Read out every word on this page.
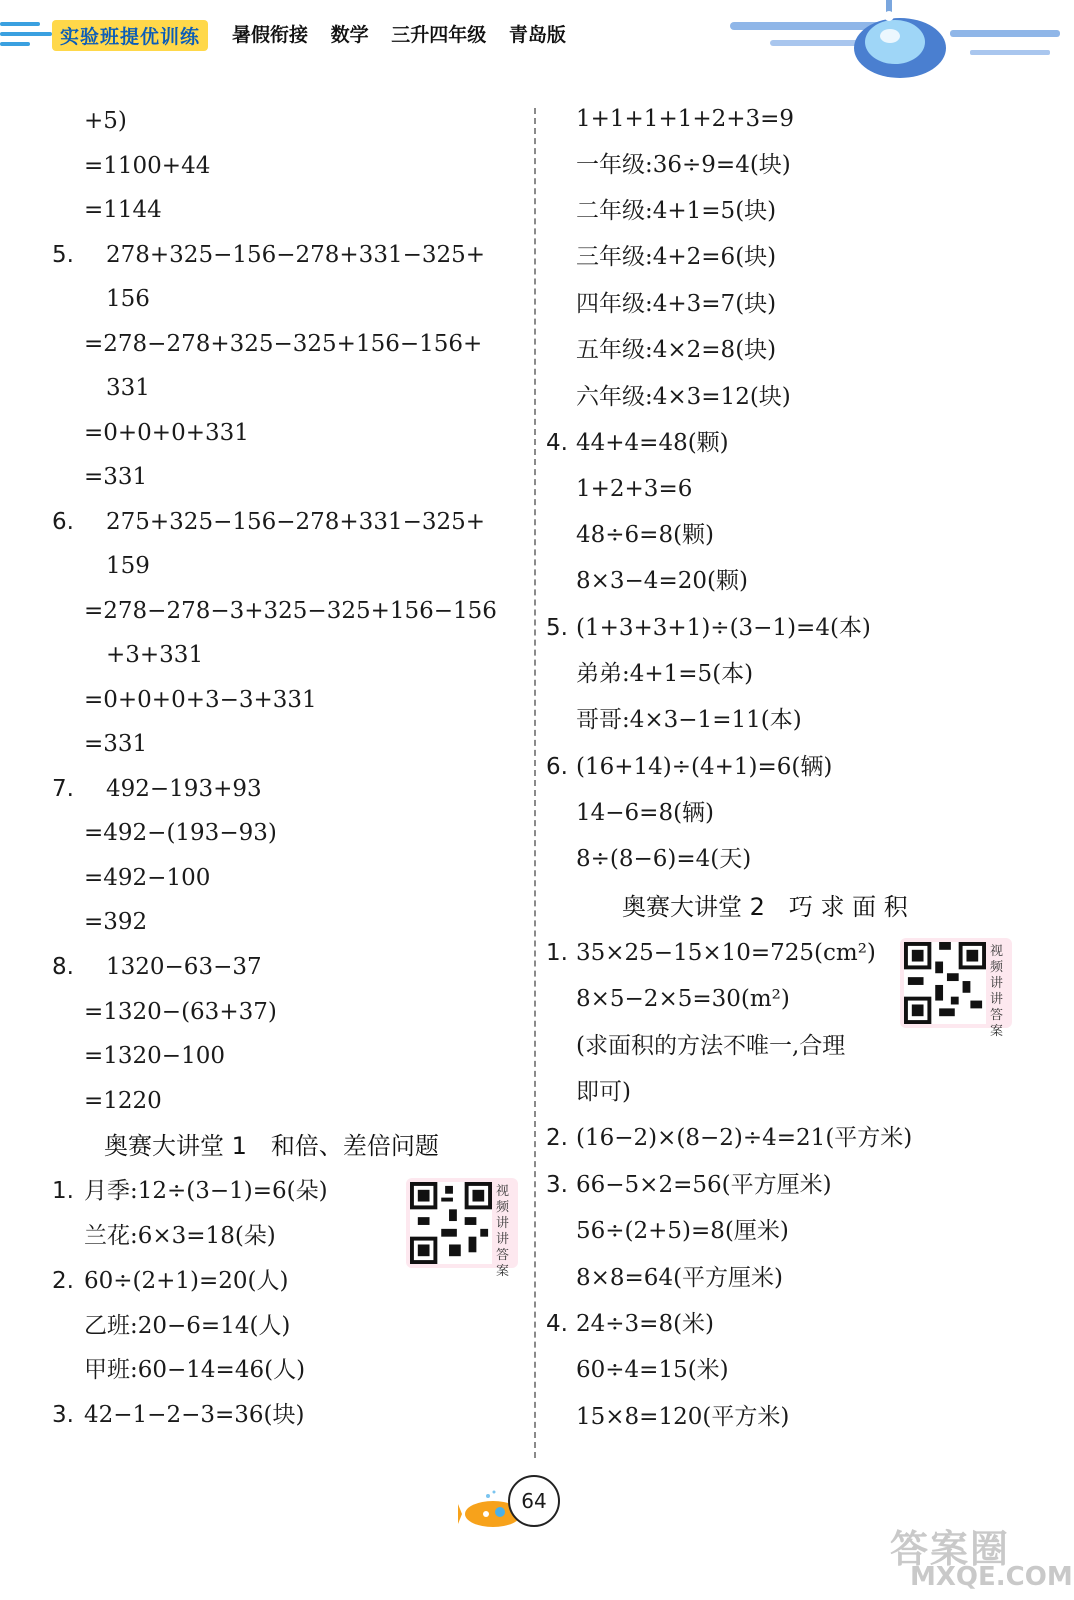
实验班提优训练	暑假衔接 数学 三升四年级 青岛版
+5)
=1100+44
=1144
5. 278+325−156−278+331−325+
156
=278−278+325−325+156−156+
331
=0+0+0+331
=331
6. 275+325−156−278+331−325+
159
=278−278−3+325−325+156−156
+3+331
=0+0+0+3−3+331
=331
7. 492−193+93
=492−(193−93)
=492−100
=392
8. 1320−63−37
=1320−(63+37)
=1320−100
=1220
奥赛大讲堂 1　和倍、差倍问题
1. 月季:12÷(3−1)=6(朵)
兰花:6×3=18(朵)
2. 60÷(2+1)=20(人)
乙班:20−6=14(人)
甲班:60−14=46(人)
3. 42−1−2−3=36(块)
视频讲讲答案
1+1+1+1+2+3=9
一年级:36÷9=4(块)
二年级:4+1=5(块)
三年级:4+2=6(块)
四年级:4+3=7(块)
五年级:4×2=8(块)
六年级:4×3=12(块)
4. 44+4=48(颗)
1+2+3=6
48÷6=8(颗)
8×3−4=20(颗)
5. (1+3+3+1)÷(3−1)=4(本)
弟弟:4+1=5(本)
哥哥:4×3−1=11(本)
6. (16+14)÷(4+1)=6(辆)
14−6=8(辆)
8÷(8−6)=4(天)
奥赛大讲堂 2　巧 求 面 积
1. 35×25−15×10=725(cm²)
8×5−2×5=30(m²)
(求面积的方法不唯一,合理
即可)
2. (16−2)×(8−2)÷4=21(平方米)
3. 66−5×2=56(平方厘米)
56÷(2+5)=8(厘米)
8×8=64(平方厘米)
4. 24÷3=8(米)
60÷4=15(米)
15×8=120(平方米)
视频讲讲答案
64
答案圈
MXQE.COM
